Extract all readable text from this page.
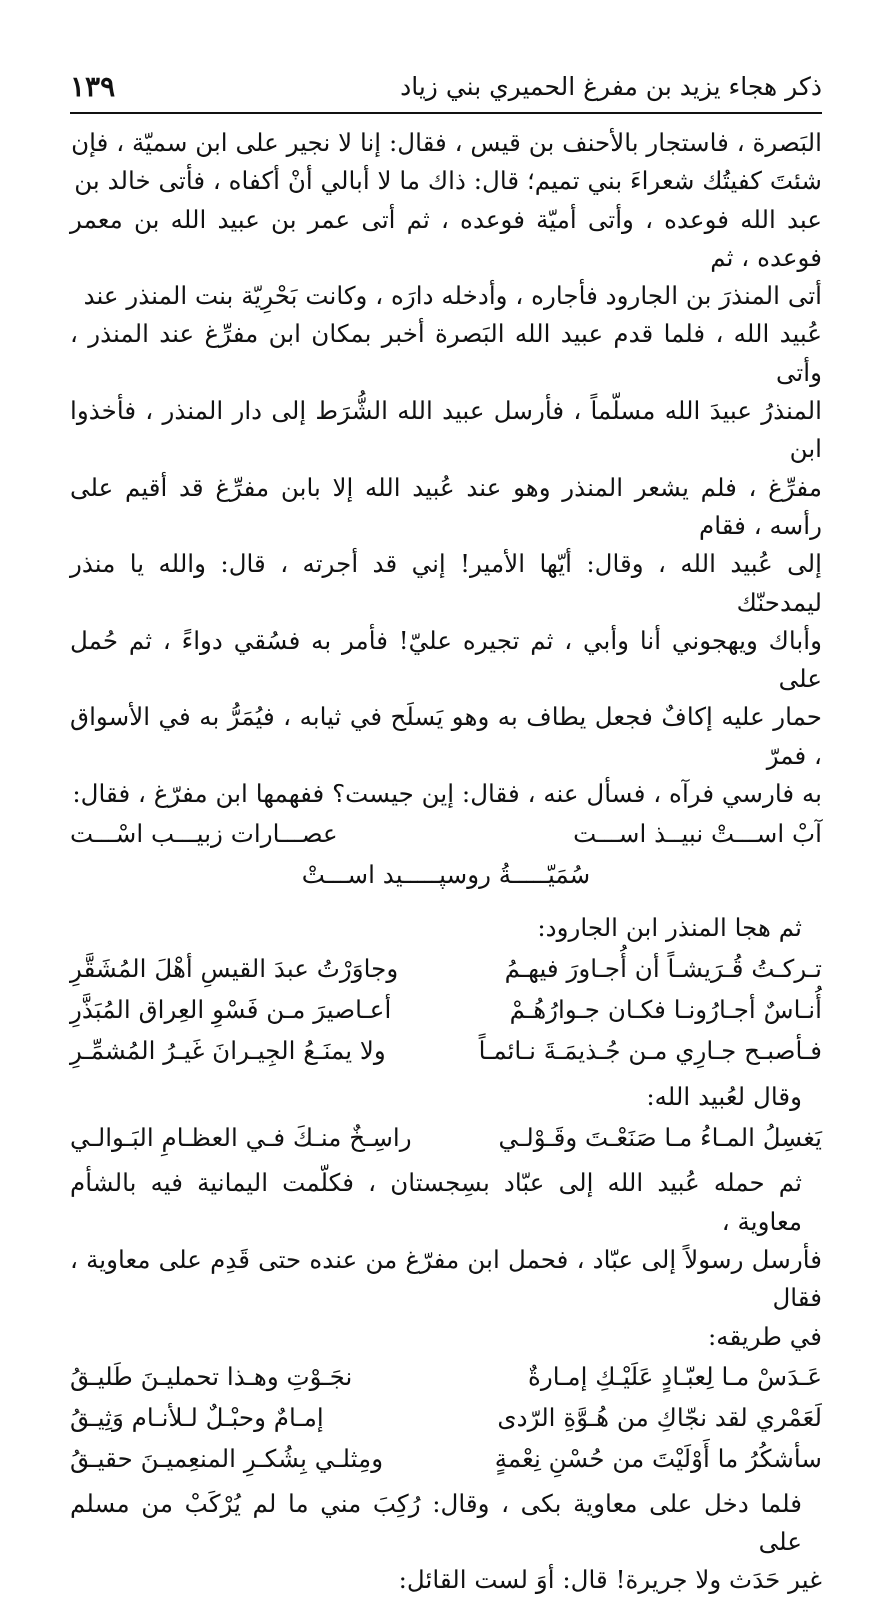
ذكر هجاء يزيد بن مفرغ الحميري بني زياد
١٣٩

البَصرة ، فاستجار بالأحنف بن قيس ، فقال: إنا لا نجير على ابن سميّة ، فإن

شئتَ كفيتُك شعراءَ بني تميم؛ قال: ذاك ما لا أبالي أنْ أكفاه ، فأتى خالد بن

عبد الله فوعده ، وأتى أميّة فوعده ، ثم أتى عمر بن عبيد الله بن معمر فوعده ، ثم

أتى المنذرَ بن الجارود فأجاره ، وأدخله دارَه ، وكانت بَحْرِيّة بنت المنذر عند

عُبيد الله ، فلما قدم عبيد الله البَصرة أخبر بمكان ابن مفرِّغ عند المنذر ، وأتى

المنذرُ عبيدَ الله مسلّماً ، فأرسل عبيد الله الشُّرَط إلى دار المنذر ، فأخذوا ابن

مفرِّغ ، فلم يشعر المنذر وهو عند عُبيد الله إلا بابن مفرِّغ قد أقيم على رأسه ، فقام

إلى عُبيد الله ، وقال: أيّها الأمير! إني قد أجرته ، قال: والله يا منذر ليمدحنّك

وأباك ويهجوني أنا وأبي ، ثم تجيره عليّ! فأمر به فسُقي دواءً ، ثم حُمل على

حمار عليه إكافٌ فجعل يطاف به وهو يَسلَح في ثيابه ، فيُمَرُّ به في الأسواق ، فمرّ

به فارسي فرآه ، فسأل عنه ، فقال: إين جيست؟ ففهمها ابن مفرّغ ، فقال:

آبْ اســـتْ نبيــذ اســـت
عصـــارات زبيـــب اسْـــت
سُمَيّـــــةُ روسپـــــيد اســـتْ
ثم هجا المنذر ابن الجارود:
تـركـتُ قُـرَيشـاً أن أُجـاورَ فيهـمُ
وجاوَرْتُ عبدَ القيسِ أهْلَ المُشَقَّرِ
أُنـاسٌ أجـارُونـا فكـان جـوارُهُـمْ
أعـاصيرَ مـن فَسْوِ العِراق المُبَذَّرِ
فـأصبـح جـارِي مـن جُـذيمَـةَ نـائمـاً
ولا يمنَـعُ الجِيـرانَ غَيـرُ المُشمِّـرِ
وقال لعُبيد الله:
يَغسِلُ المـاءُ مـا صَنَعْـتَ وقَـوْلـي
راسِـخٌ منـكَ فـي العظـامِ البَـوالـي

ثم حمله عُبيد الله إلى عبّاد بسِجستان ، فكلّمت اليمانية فيه بالشأم معاوية ،

فأرسل رسولاً إلى عبّاد ، فحمل ابن مفرّغ من عنده حتى قَدِم على معاوية ، فقال

في طريقه:

عَـدَسْ مـا لِعبّـادٍ عَلَيْـكِ إمـارةٌ
نجَـوْتِ وهـذا تحمليـنَ طَليـقُ
لَعَمْري لقد نجّاكِ من هُـوَّةِ الرّدى
إمـامٌ وحبْـلٌ لـلأنـام وَثِيـقُ
سأشكُرُ ما أَوْلَيْتَ من حُسْنِ نِعْمةٍ
ومِثلـي بِشُكـرِ المنعِميـنَ حقيـقُ

فلما دخل على معاوية بكى ، وقال: رُكِبَ مني ما لم يُرْكَبْ من مسلم على

غير حَدَث ولا جريرة! قال: أوَ لست القائل:
